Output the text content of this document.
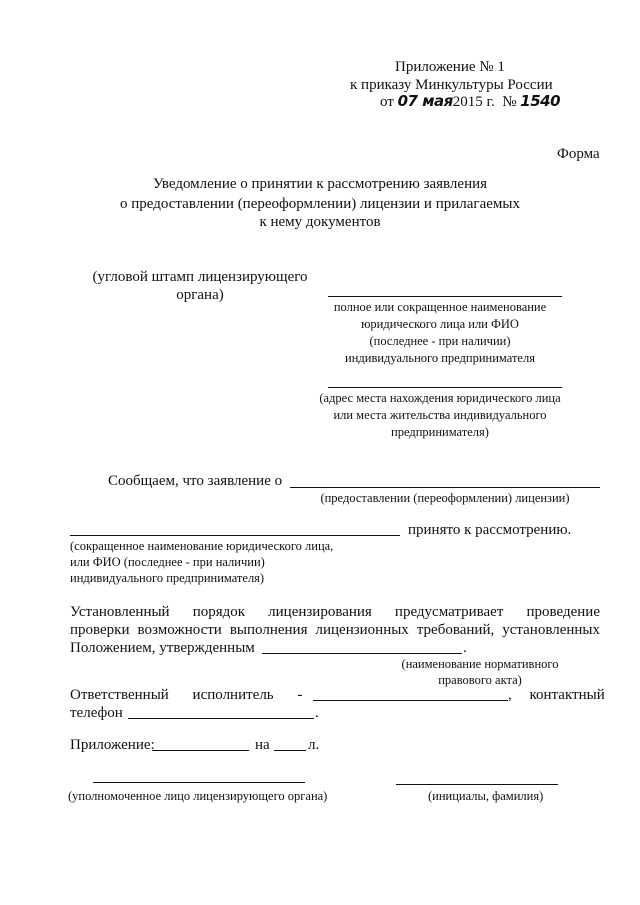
Приложение № 1
к приказу Минкультуры России
от 07 мая2015 г. № 1540
Форма
Уведомление о принятии к рассмотрению заявления
о предоставлении (переоформлении) лицензии и прилагаемых
к нему документов
(угловой штамп лицензирующего
органа)
полное или сокращенное наименование
юридического лица или ФИО
(последнее - при наличии)
индивидуального предпринимателя
(адрес места нахождения юридического лица
или места жительства индивидуального
предпринимателя)
Сообщаем, что заявление о
(предоставлении (переоформлении) лицензии)
принято к рассмотрению.
(сокращенное наименование юридического лица,
или ФИО (последнее - при наличии)
индивидуального предпринимателя)
Установленный порядок лицензирования предусматривает проведение
проверки возможности выполнения лицензионных требований, установленных
Положением, утвержденным	.
(наименование нормативного
правового акта)
Ответственный исполнитель -	, контактный
телефон	.
Приложение:	на	л.
(уполномоченное лицо лицензирующего органа)	(инициалы, фамилия)
